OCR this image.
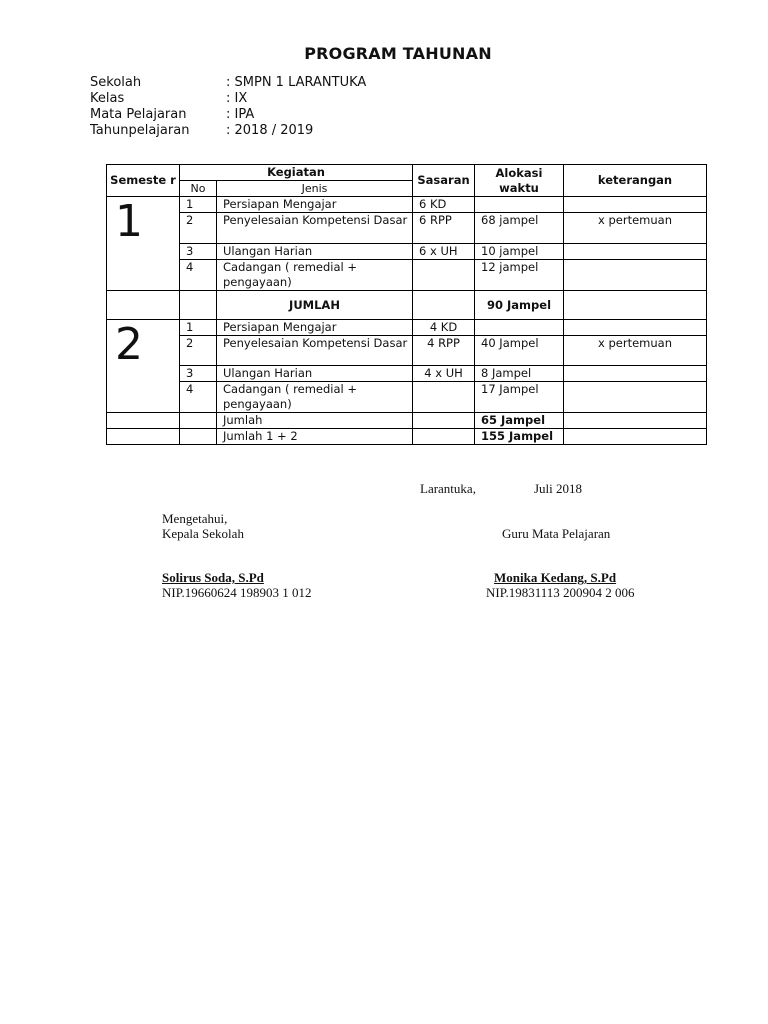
PROGRAM TAHUNAN
Sekolah	: SMPN 1 LARANTUKA
Kelas	: IX
Mata Pelajaran	: IPA
Tahunpelajaran	: 2018 / 2019
Semeste r	Kegiatan		Sasaran	Alokasi waktu	keterangan
	No	Jenis			
1	1	Persiapan Mengajar	6 KD		
	2	Penyelesaian Kompetensi Dasar	6 RPP	68 jampel	x pertemuan
	3	Ulangan Harian	6 x UH	10 jampel	
	4	Cadangan ( remedial + pengayaan)		12 jampel	
		JUMLAH		90 Jampel	
2	1	Persiapan Mengajar	4 KD		
	2	Penyelesaian Kompetensi Dasar	4 RPP	40 Jampel	x pertemuan
	3	Ulangan Harian	4 x UH	8 Jampel	
	4	Cadangan ( remedial + pengayaan)		17 Jampel	
		Jumlah		65 Jampel	
		Jumlah 1 + 2		155 Jampel	
Larantuka,	Juli 2018
Mengetahui,
Kepala Sekolah	Guru Mata Pelajaran
Solirus Soda, S.Pd
NIP.19660624 198903 1 012
Monika Kedang, S.Pd
NIP.19831113 200904 2 006
